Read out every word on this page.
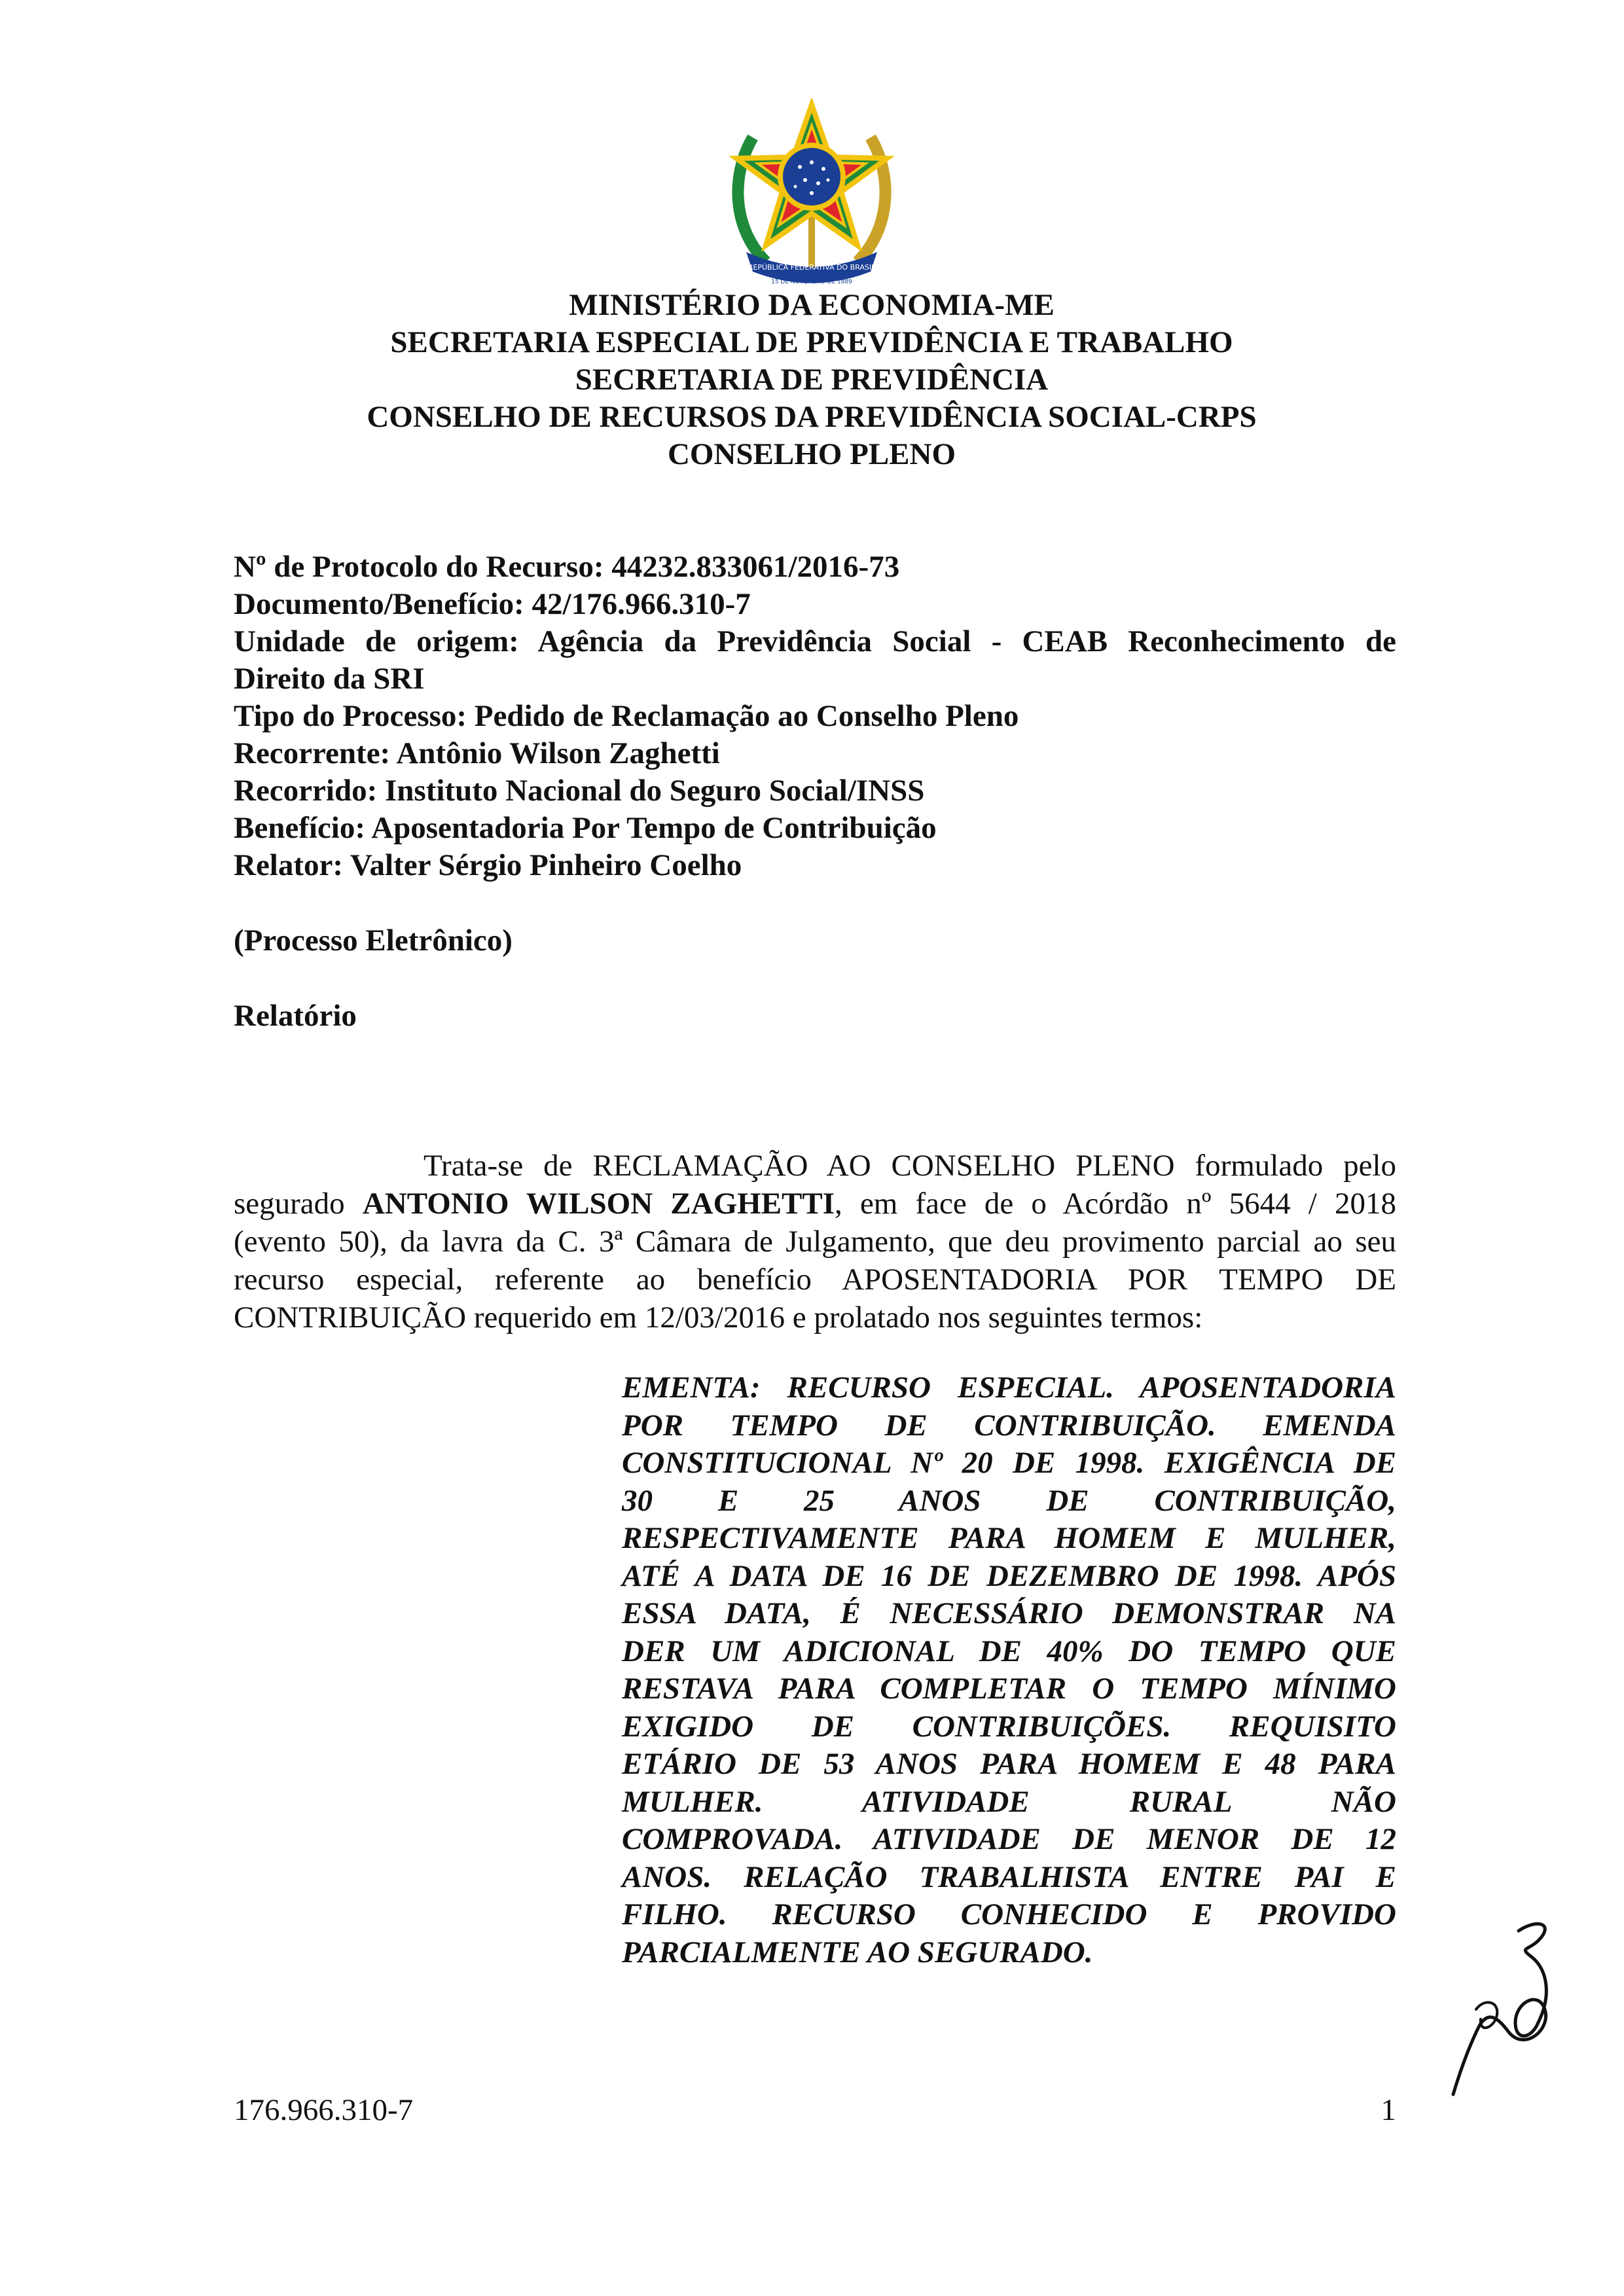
REPÚBLICA FEDERATIVA DO BRASIL
15 DE NOVEMBRO DE 1889
MINISTÉRIO DA ECONOMIA-ME
SECRETARIA ESPECIAL DE PREVIDÊNCIA E TRABALHO
SECRETARIA DE PREVIDÊNCIA
CONSELHO DE RECURSOS DA PREVIDÊNCIA SOCIAL-CRPS
CONSELHO PLENO
Nº de Protocolo do Recurso: 44232.833061/2016-73
Documento/Benefício: 42/176.966.310-7
Unidade de origem: Agência da Previdência Social - CEAB Reconhecimento de
Direito da SRI
Tipo do Processo: Pedido de Reclamação ao Conselho Pleno
Recorrente: Antônio Wilson Zaghetti
Recorrido: Instituto Nacional do Seguro Social/INSS
Benefício: Aposentadoria Por Tempo de Contribuição
Relator: Valter Sérgio Pinheiro Coelho
(Processo Eletrônico)
Relatório
Trata-se de RECLAMAÇÃO AO CONSELHO PLENO formulado pelo
segurado ANTONIO WILSON ZAGHETTI, em face de o Acórdão nº 5644 / 2018
(evento 50), da lavra da C. 3ª Câmara de Julgamento, que deu provimento parcial ao seu
recurso especial, referente ao benefício APOSENTADORIA POR TEMPO DE
CONTRIBUIÇÃO requerido em 12/03/2016 e prolatado nos seguintes termos:
EMENTA: RECURSO ESPECIAL. APOSENTADORIA
POR TEMPO DE CONTRIBUIÇÃO. EMENDA
CONSTITUCIONAL Nº 20 DE 1998. EXIGÊNCIA DE
30 E 25 ANOS DE CONTRIBUIÇÃO,
RESPECTIVAMENTE PARA HOMEM E MULHER,
ATÉ A DATA DE 16 DE DEZEMBRO DE 1998. APÓS
ESSA DATA, É NECESSÁRIO DEMONSTRAR NA
DER UM ADICIONAL DE 40% DO TEMPO QUE
RESTAVA PARA COMPLETAR O TEMPO MÍNIMO
EXIGIDO DE CONTRIBUIÇÕES. REQUISITO
ETÁRIO DE 53 ANOS PARA HOMEM E 48 PARA
MULHER. ATIVIDADE RURAL NÃO
COMPROVADA. ATIVIDADE DE MENOR DE 12
ANOS. RELAÇÃO TRABALHISTA ENTRE PAI E
FILHO. RECURSO CONHECIDO E PROVIDO
PARCIALMENTE AO SEGURADO.
176.966.310-7	1
